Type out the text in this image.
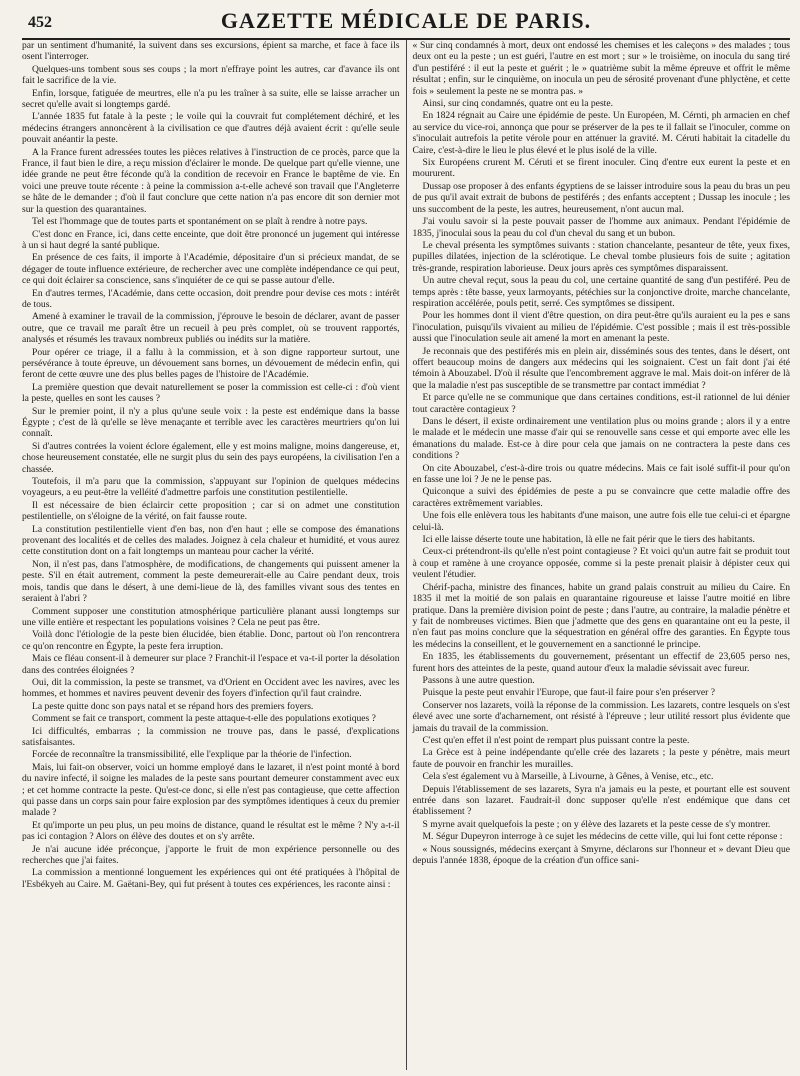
452	GAZETTE MÉDICALE DE PARIS.

par un sentiment d'humanité, la suivent dans ses excursions, épient sa marche, et face à face ils osent l'interroger.

Quelques-uns tombent sous ses coups ; la mort n'effraye point les autres, car d'avance ils ont fait le sacrifice de la vie.

Enfin, lorsque, fatiguée de meurtres, elle n'a pu les traîner à sa suite, elle se laisse arracher un secret qu'elle avait si longtemps gardé.

L'année 1835 fut fatale à la peste ; le voile qui la couvrait fut complétement déchiré, et les médecins étrangers annoncèrent à la civilisation ce que d'autres déjà avaient écrit : qu'elle seule pouvait anéantir la peste.

A la France furent adressées toutes les pièces relatives à l'instruction de ce procès, parce que la France, il faut bien le dire, a reçu mission d'éclairer le monde. De quelque part qu'elle vienne, une idée grande ne peut être féconde qu'à la condition de recevoir en France le baptême de vie. En voici une preuve toute récente : à peine la commission a-t-elle achevé son travail que l'Angleterre se hâte de le demander ; d'où il faut conclure que cette nation n'a pas encore dit son dernier mot sur la question des quarantaines.

Tel est l'hommage que de toutes parts et spontanément on se plaît à rendre à notre pays.

C'est donc en France, ici, dans cette enceinte, que doit être prononcé un jugement qui intéresse à un si haut degré la santé publique.

En présence de ces faits, il importe à l'Académie, dépositaire d'un si précieux mandat, de se dégager de toute influence extérieure, de rechercher avec une complète indépendance ce qui peut, ce qui doit éclairer sa conscience, sans s'inquiéter de ce qui se passe autour d'elle.

En d'autres termes, l'Académie, dans cette occasion, doit prendre pour devise ces mots : intérêt de tous.

Amené à examiner le travail de la commission, j'éprouve le besoin de déclarer, avant de passer outre, que ce travail me paraît être un recueil à peu près complet, où se trouvent rapportés, analysés et résumés les travaux nombreux publiés ou inédits sur la matière.

Pour opérer ce triage, il a fallu à la commission, et à son digne rapporteur surtout, une persévérance à toute épreuve, un dévouement sans bornes, un dévouement de médecin enfin, qui feront de cette œuvre une des plus belles pages de l'histoire de l'Académie.

La première question que devait naturellement se poser la commission est celle-ci : d'où vient la peste, quelles en sont les causes ?

Sur le premier point, il n'y a plus qu'une seule voix : la peste est endémique dans la basse Égypte ; c'est de là qu'elle se lève menaçante et terrible avec les caractères meurtriers qu'on lui connaît.

Si d'autres contrées la voient éclore également, elle y est moins maligne, moins dangereuse, et, chose heureusement constatée, elle ne surgit plus du sein des pays européens, la civilisation l'en a chassée.

Toutefois, il m'a paru que la commission, s'appuyant sur l'opinion de quelques médecins voyageurs, a eu peut-être la velléité d'admettre parfois une constitution pestilentielle.

Il est nécessaire de bien éclaircir cette proposition ; car si on admet une constitution pestilentielle, on s'éloigne de la vérité, on fait fausse route.

La constitution pestilentielle vient d'en bas, non d'en haut ; elle se compose des émanations provenant des localités et de celles des malades. Joignez à cela chaleur et humidité, et vous aurez cette constitution dont on a fait longtemps un manteau pour cacher la vérité.

Non, il n'est pas, dans l'atmosphère, de modifications, de changements qui puissent amener la peste. S'il en était autrement, comment la peste demeurerait-elle au Caire pendant deux, trois mois, tandis que dans le désert, à une demi-lieue de là, des familles vivant sous des tentes en seraient à l'abri ?

Comment supposer une constitution atmosphérique particulière planant aussi longtemps sur une ville entière et respectant les populations voisines ? Cela ne peut pas être.

Voilà donc l'étiologie de la peste bien élucidée, bien établie. Donc, partout où l'on rencontrera ce qu'on rencontre en Égypte, la peste fera irruption.

Mais ce fléau consent-il à demeurer sur place ? Franchit-il l'espace et va-t-il porter la désolation dans des contrées éloignées ?

Oui, dit la commission, la peste se transmet, va d'Orient en Occident avec les navires, avec les hommes, et hommes et navires peuvent devenir des foyers d'infection qu'il faut craindre.

La peste quitte donc son pays natal et se répand hors des premiers foyers.

Comment se fait ce transport, comment la peste attaque-t-elle des populations exotiques ?

Ici difficultés, embarras ; la commission ne trouve pas, dans le passé, d'explications satisfaisantes.

Forcée de reconnaître la transmissibilité, elle l'explique par la théorie de l'infection.

Mais, lui fait-on observer, voici un homme employé dans le lazaret, il n'est point monté à bord du navire infecté, il soigne les malades de la peste sans pourtant demeurer constamment avec eux ; et cet homme contracte la peste. Qu'est-ce donc, si elle n'est pas contagieuse, que cette affection qui passe dans un corps sain pour faire explosion par des symptômes identiques à ceux du premier malade ?

Et qu'importe un peu plus, un peu moins de distance, quand le résultat est le même ? N'y a-t-il pas ici contagion ? Alors on élève des doutes et on s'y arrête.

Je n'ai aucune idée préconçue, j'apporte le fruit de mon expérience personnelle ou des recherches que j'ai faites.

La commission a mentionné longuement les expériences qui ont été pratiquées à l'hôpital de l'Esbékyeh au Caire. M. Gaëtani-Bey, qui fut présent à toutes ces expériences, les raconte ainsi :

« Sur cinq condamnés à mort, deux ont endossé les chemises et les caleçons » des malades ; tous deux ont eu la peste ; un est guéri, l'autre en est mort ; sur » le troisième, on inocula du sang tiré d'un pestiféré : il eut la peste et guérit ; le » quatrième subit la même épreuve et offrit le même résultat ; enfin, sur le cinquième, on inocula un peu de sérosité provenant d'une phlyctène, et cette fois » seulement la peste ne se montra pas. »

Ainsi, sur cinq condamnés, quatre ont eu la peste.

En 1824 régnait au Caire une épidémie de peste. Un Européen, M. Cérnti, ph armacien en chef au service du vice-roi, annonça que pour se préserver de la pes te il fallait se l'inoculer, comme on s'inoculait autrefois la petite vérole pour en atténuer la gravité. M. Céruti habitait la citadelle du Caire, c'est-à-dire le lieu le plus élevé et le plus isolé de la ville.

Six Européens crurent M. Céruti et se firent inoculer. Cinq d'entre eux eurent la peste et en moururent.

Dussap ose proposer à des enfants égyptiens de se laisser introduire sous la peau du bras un peu de pus qu'il avait extrait de bubons de pestiférés ; des enfants acceptent ; Dussap les inocule ; les uns succombent de la peste, les autres, heureusement, n'ont aucun mal.

J'ai voulu savoir si la peste pouvait passer de l'homme aux animaux. Pendant l'épidémie de 1835, j'inoculai sous la peau du col d'un cheval du sang et un bubon.

Le cheval présenta les symptômes suivants : station chancelante, pesanteur de tête, yeux fixes, pupilles dilatées, injection de la sclérotique. Le cheval tombe plusieurs fois de suite ; agitation très-grande, respiration laborieuse. Deux jours après ces symptômes disparaissent.

Un autre cheval reçut, sous la peau du col, une certaine quantité de sang d'un pestiféré. Peu de temps après : tête basse, yeux larmoyants, pétéchies sur la conjonctive droite, marche chancelante, respiration accélérée, pouls petit, serré. Ces symptômes se dissipent.

Pour les hommes dont il vient d'être question, on dira peut-être qu'ils auraient eu la pes e sans l'inoculation, puisqu'ils vivaient au milieu de l'épidémie. C'est possible ; mais il est très-possible aussi que l'inoculation seule ait amené la mort en amenant la peste.

Je reconnais que des pestiférés mis en plein air, disséminés sous des tentes, dans le désert, ont offert beaucoup moins de dangers aux médecins qui les soignaient. C'est un fait dont j'ai été témoin à Abouzabel. D'où il résulte que l'encombrement aggrave le mal. Mais doit-on inférer de là que la maladie n'est pas susceptible de se transmettre par contact immédiat ?

Et parce qu'elle ne se communique que dans certaines conditions, est-il rationnel de lui dénier tout caractère contagieux ?

Dans le désert, il existe ordinairement une ventilation plus ou moins grande ; alors il y a entre le malade et le médecin une masse d'air qui se renouvelle sans cesse et qui emporte avec elle les émanations du malade. Est-ce à dire pour cela que jamais on ne contractera la peste dans ces conditions ?

On cite Abouzabel, c'est-à-dire trois ou quatre médecins. Mais ce fait isolé suffit-il pour qu'on en fasse une loi ? Je ne le pense pas.

Quiconque a suivi des épidémies de peste a pu se convaincre que cette maladie offre des caractères extrêmement variables.

Une fois elle enlèvera tous les habitants d'une maison, une autre fois elle tue celui-ci et épargne celui-là.

Ici elle laisse déserte toute une habitation, là elle ne fait périr que le tiers des habitants.

Ceux-ci prétendront-ils qu'elle n'est point contagieuse ? Et voici qu'un autre fait se produit tout à coup et ramène à une croyance opposée, comme si la peste prenait plaisir à dépister ceux qui veulent l'étudier.

Chérif-pacha, ministre des finances, habite un grand palais construit au milieu du Caire. En 1835 il met la moitié de son palais en quarantaine rigoureuse et laisse l'autre moitié en libre pratique. Dans la première division point de peste ; dans l'autre, au contraire, la maladie pénètre et y fait de nombreuses victimes. Bien que j'admette que des gens en quarantaine ont eu la peste, il n'en faut pas moins conclure que la séquestration en général offre des garanties. En Égypte tous les médecins la conseillent, et le gouvernement en a sanctionné le principe.

En 1835, les établissements du gouvernement, présentant un effectif de 23,605 perso nes, furent hors des atteintes de la peste, quand autour d'eux la maladie sévissait avec fureur.

Passons à une autre question.

Puisque la peste peut envahir l'Europe, que faut-il faire pour s'en préserver ?

Conserver nos lazarets, voilà la réponse de la commission. Les lazarets, contre lesquels on s'est élevé avec une sorte d'acharnement, ont résisté à l'épreuve ; leur utilité ressort plus évidente que jamais du travail de la commission.

C'est qu'en effet il n'est point de rempart plus puissant contre la peste.

La Grèce est à peine indépendante qu'elle crée des lazarets ; la peste y pénètre, mais meurt faute de pouvoir en franchir les murailles.

Cela s'est également vu à Marseille, à Livourne, à Gênes, à Venise, etc., etc.

Depuis l'établissement de ses lazarets, Syra n'a jamais eu la peste, et pourtant elle est souvent entrée dans son lazaret. Faudrait-il donc supposer qu'elle n'est endémique que dans cet établissement ?

S myrne avait quelquefois la peste ; on y élève des lazarets et la peste cesse de s'y montrer.

M. Ségur Dupeyron interroge à ce sujet les médecins de cette ville, qui lui font cette réponse :

« Nous soussignés, médecins exerçant à Smyrne, déclarons sur l'honneur et » devant Dieu que depuis l'année 1838, époque de la création d'un office sani-
